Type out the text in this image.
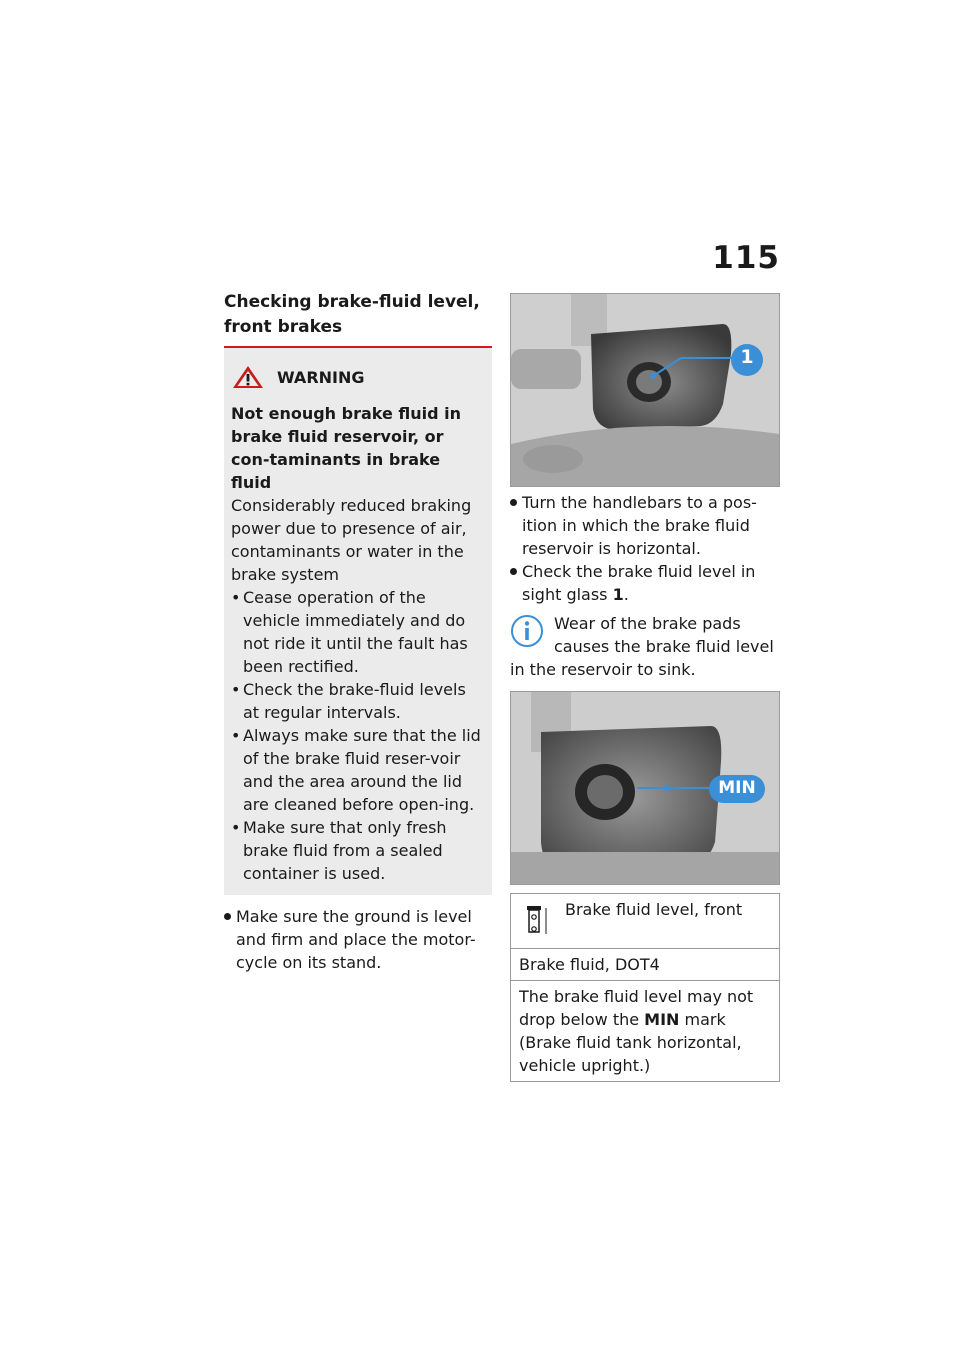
115
Checking brake-fluid level, front brakes
WARNING
Not enough brake fluid in brake fluid reservoir, or con-taminants in brake fluid
Considerably reduced braking power due to presence of air, contaminants or water in the brake system
• Cease operation of the vehicle immediately and do not ride it until the fault has been rectified.
• Check the brake-fluid levels at regular intervals.
• Always make sure that the lid of the brake fluid reser-voir and the area around the lid are cleaned before open-ing.
• Make sure that only fresh brake fluid from a sealed container is used.
Make sure the ground is level and firm and place the motor-cycle on its stand.
1
Turn the handlebars to a pos-ition in which the brake fluid reservoir is horizontal.
Check the brake fluid level in sight glass 1.
Wear of the brake pads causes the brake fluid level in the reservoir to sink.
MIN
Brake fluid level, front
Brake fluid, DOT4
The brake fluid level may not drop below the MIN mark (Brake fluid tank horizontal, vehicle upright.)
